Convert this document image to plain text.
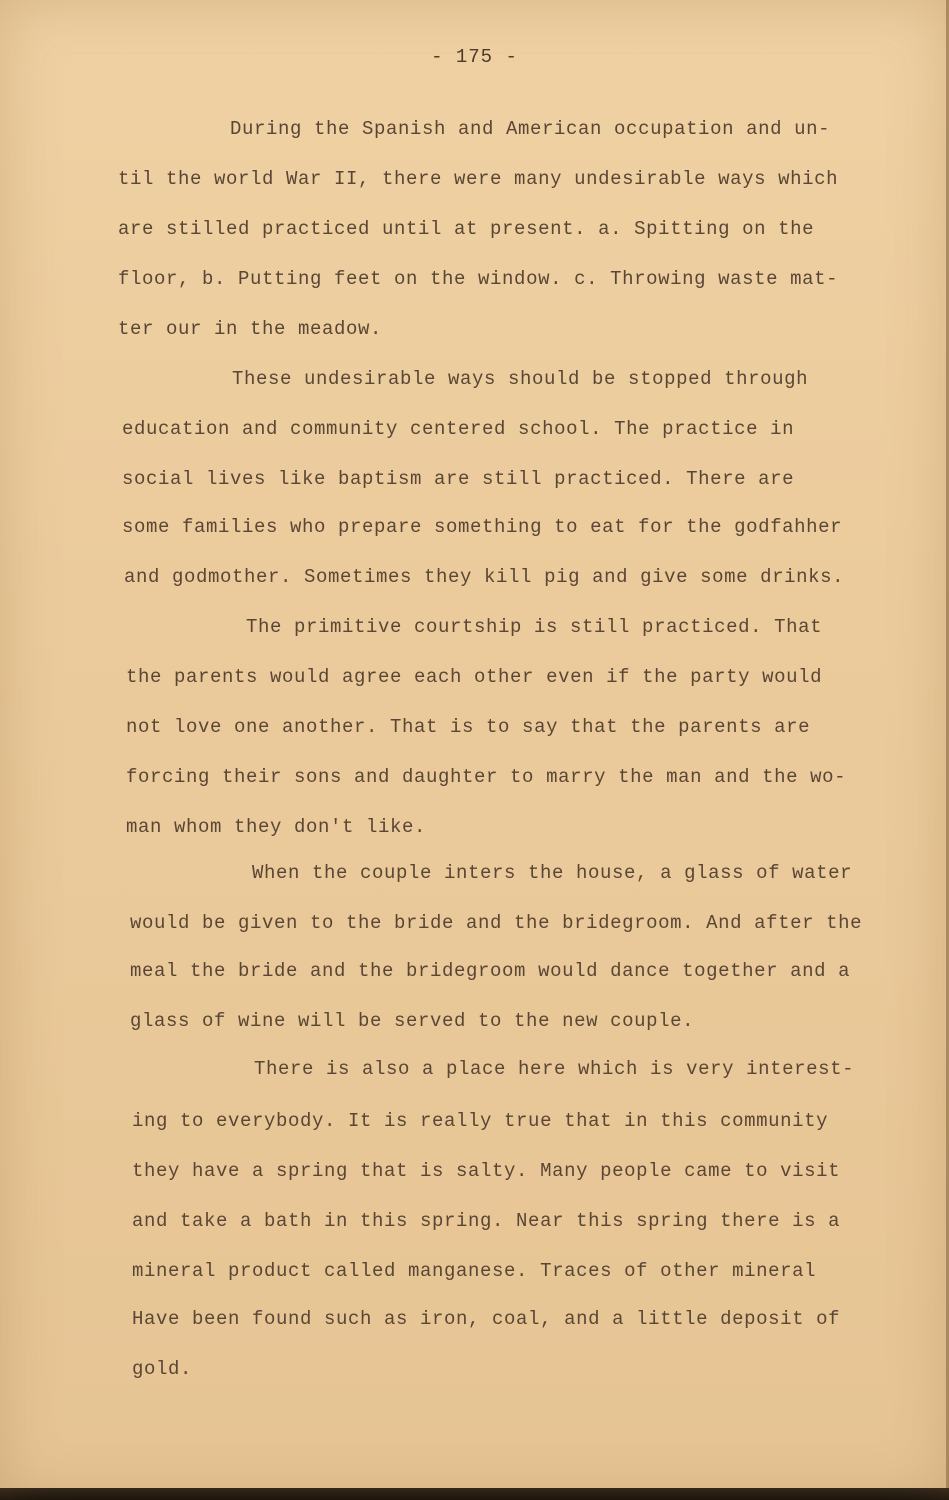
- 175 -
During the Spanish and American occupation and un-
til the world War II, there were many undesirable ways which
are stilled practiced until at present. a. Spitting on the
floor, b. Putting feet on the window. c. Throwing waste mat-
ter our in the meadow.
These undesirable ways should be stopped through
education and community centered school. The practice in
social lives like baptism are still practiced. There are
some families who prepare something to eat for the godfahher
and godmother. Sometimes they kill pig and give some drinks.
The primitive courtship is still practiced. That
the parents would agree each other even if the party would
not love one another. That is to say that the parents are
forcing their sons and daughter to marry the man and the wo-
man whom they don't like.
When the couple inters the house, a glass of water
would be given to the bride and the bridegroom. And after the
meal the bride and the bridegroom would dance together and a
glass of wine will be served to the new couple.
There is also a place here which is very interest-
ing to everybody. It is really true that in this community
they have a spring that is salty. Many people came to visit
and take a bath in this spring. Near this spring there is a
mineral product called manganese. Traces of other mineral
Have been found such as iron, coal, and a little deposit of
gold.
